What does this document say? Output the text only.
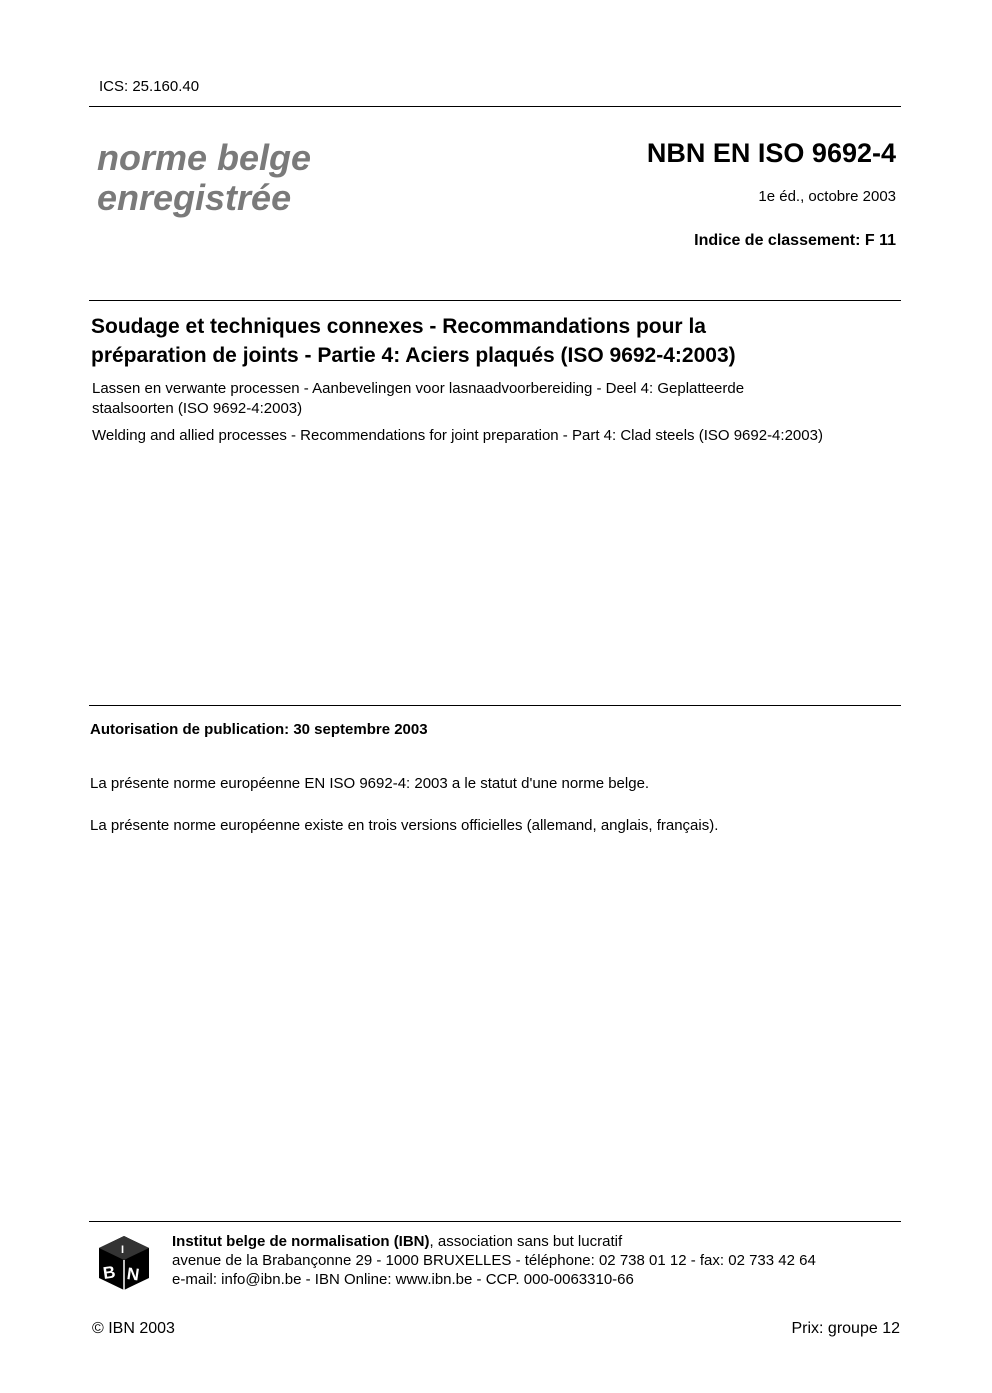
ICS: 25.160.40
norme belge
enregistrée
NBN EN ISO 9692-4
1e éd., octobre 2003
Indice de classement: F 11
Soudage et techniques connexes - Recommandations pour la
préparation de joints - Partie 4: Aciers plaqués (ISO 9692-4:2003)
Lassen en verwante processen - Aanbevelingen voor lasnaadvoorbereiding - Deel 4: Geplatteerde
staalsoorten (ISO 9692-4:2003)
Welding and allied processes - Recommendations for joint preparation - Part 4: Clad steels (ISO 9692-4:2003)
Autorisation de publication: 30 septembre 2003
La présente norme européenne EN ISO 9692-4: 2003 a le statut d'une norme belge.
La présente norme européenne existe en trois versions officielles (allemand, anglais, français).
B N
I	Institut belge de normalisation (IBN), association sans but lucratif
avenue de la Brabançonne 29 - 1000 BRUXELLES - téléphone: 02 738 01 12 - fax: 02 733 42 64
e-mail: info@ibn.be - IBN Online: www.ibn.be - CCP. 000-0063310-66
© IBN 2003	Prix: groupe 12
